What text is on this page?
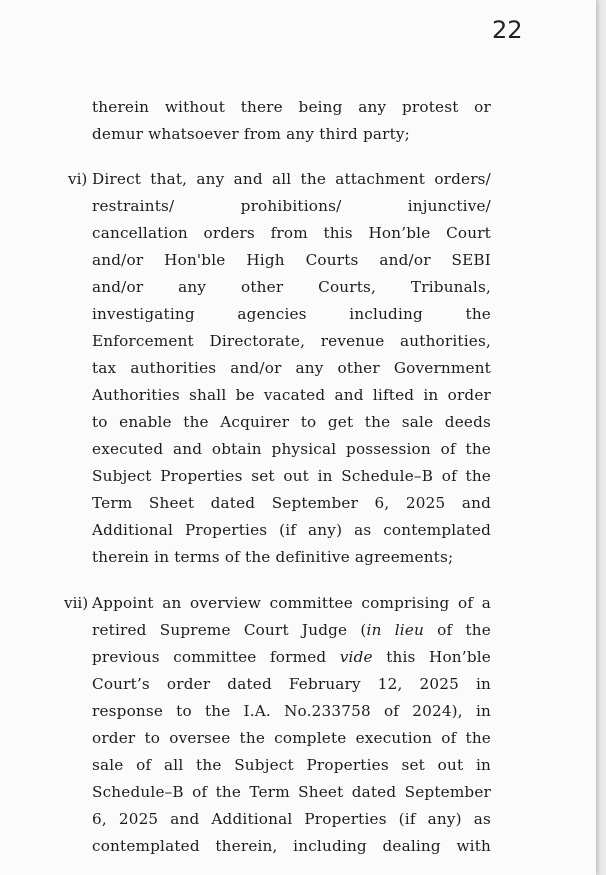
22
therein without there being any protest or
demur whatsoever from any third party;
vi) Direct that, any and all the attachment orders/
restraints/ prohibitions/ injunctive/
cancellation orders from this Hon’ble Court
and/or Hon'ble High Courts and/or SEBI
and/or any other Courts, Tribunals,
investigating agencies including the
Enforcement Directorate, revenue authorities,
tax authorities and/or any other Government
Authorities shall be vacated and lifted in order
to enable the Acquirer to get the sale deeds
executed and obtain physical possession of the
Subject Properties set out in Schedule–B of the
Term Sheet dated September 6, 2025 and
Additional Properties (if any) as contemplated
therein in terms of the definitive agreements;
vii) Appoint an overview committee comprising of a
retired Supreme Court Judge (in lieu of the
previous committee formed vide this Hon’ble
Court’s order dated February 12, 2025 in
response to the I.A. No.233758 of 2024), in
order to oversee the complete execution of the
sale of all the Subject Properties set out in
Schedule–B of the Term Sheet dated September
6, 2025 and Additional Properties (if any) as
contemplated therein, including dealing with
